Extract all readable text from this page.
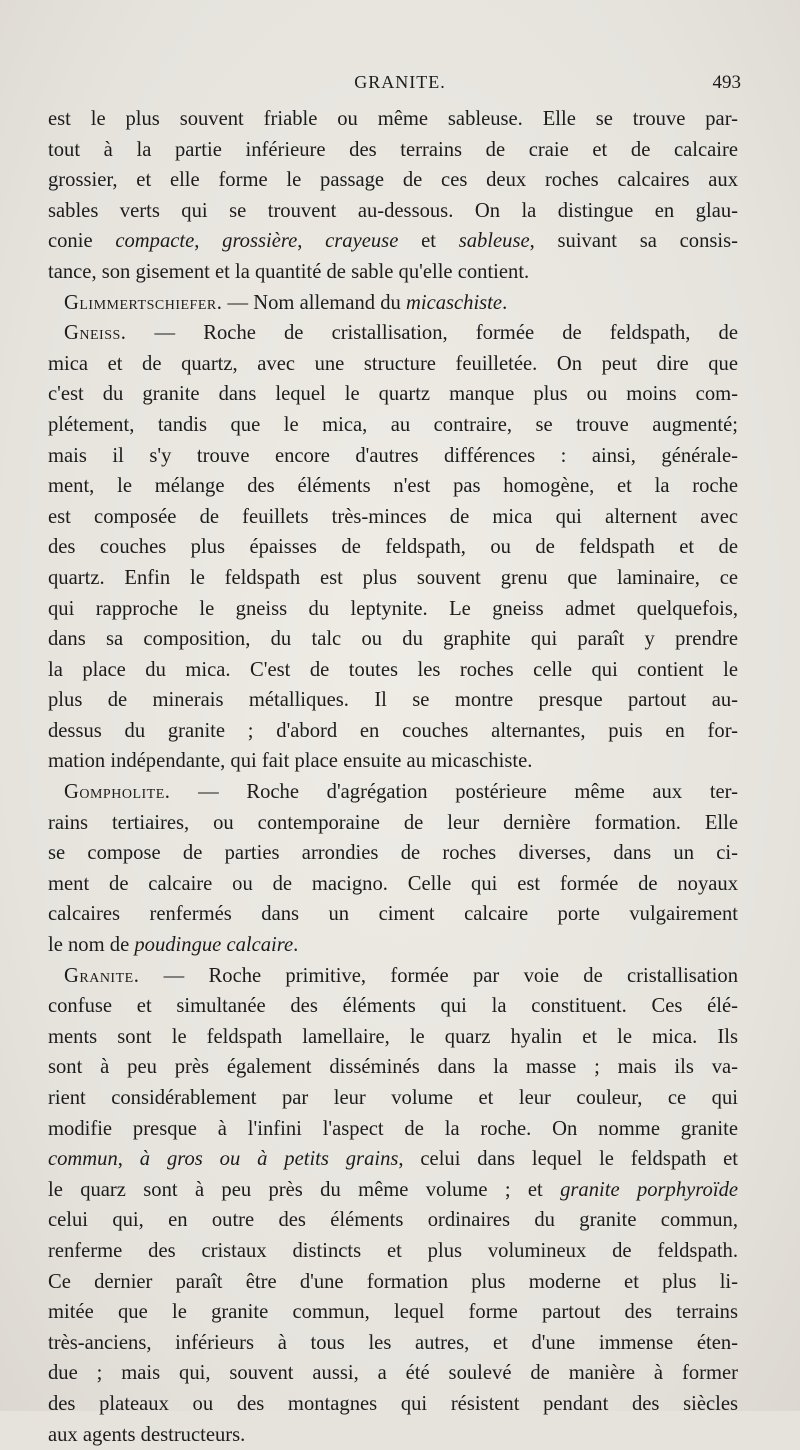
GRANITE.	493
est le plus souvent friable ou même sableuse. Elle se trouve par-
tout à la partie inférieure des terrains de craie et de calcaire
grossier, et elle forme le passage de ces deux roches calcaires aux
sables verts qui se trouvent au-dessous. On la distingue en glau-
conie compacte, grossière, crayeuse et sableuse, suivant sa consis-
tance, son gisement et la quantité de sable qu'elle contient.
Glimmertschiefer. — Nom allemand du micaschiste.
Gneiss. — Roche de cristallisation, formée de feldspath, de
mica et de quartz, avec une structure feuilletée. On peut dire que
c'est du granite dans lequel le quartz manque plus ou moins com-
plétement, tandis que le mica, au contraire, se trouve augmenté;
mais il s'y trouve encore d'autres différences : ainsi, générale-
ment, le mélange des éléments n'est pas homogène, et la roche
est composée de feuillets très-minces de mica qui alternent avec
des couches plus épaisses de feldspath, ou de feldspath et de
quartz. Enfin le feldspath est plus souvent grenu que laminaire, ce
qui rapproche le gneiss du leptynite. Le gneiss admet quelquefois,
dans sa composition, du talc ou du graphite qui paraît y prendre
la place du mica. C'est de toutes les roches celle qui contient le
plus de minerais métalliques. Il se montre presque partout au-
dessus du granite ; d'abord en couches alternantes, puis en for-
mation indépendante, qui fait place ensuite au micaschiste.
Gompholite. — Roche d'agrégation postérieure même aux ter-
rains tertiaires, ou contemporaine de leur dernière formation. Elle
se compose de parties arrondies de roches diverses, dans un ci-
ment de calcaire ou de macigno. Celle qui est formée de noyaux
calcaires renfermés dans un ciment calcaire porte vulgairement
le nom de poudingue calcaire.
Granite. — Roche primitive, formée par voie de cristallisation
confuse et simultanée des éléments qui la constituent. Ces élé-
ments sont le feldspath lamellaire, le quarz hyalin et le mica. Ils
sont à peu près également disséminés dans la masse ; mais ils va-
rient considérablement par leur volume et leur couleur, ce qui
modifie presque à l'infini l'aspect de la roche. On nomme granite
commun, à gros ou à petits grains, celui dans lequel le feldspath et
le quarz sont à peu près du même volume ; et granite porphyroïde
celui qui, en outre des éléments ordinaires du granite commun,
renferme des cristaux distincts et plus volumineux de feldspath.
Ce dernier paraît être d'une formation plus moderne et plus li-
mitée que le granite commun, lequel forme partout des terrains
très-anciens, inférieurs à tous les autres, et d'une immense éten-
due ; mais qui, souvent aussi, a été soulevé de manière à former
des plateaux ou des montagnes qui résistent pendant des siècles
aux agents destructeurs.
